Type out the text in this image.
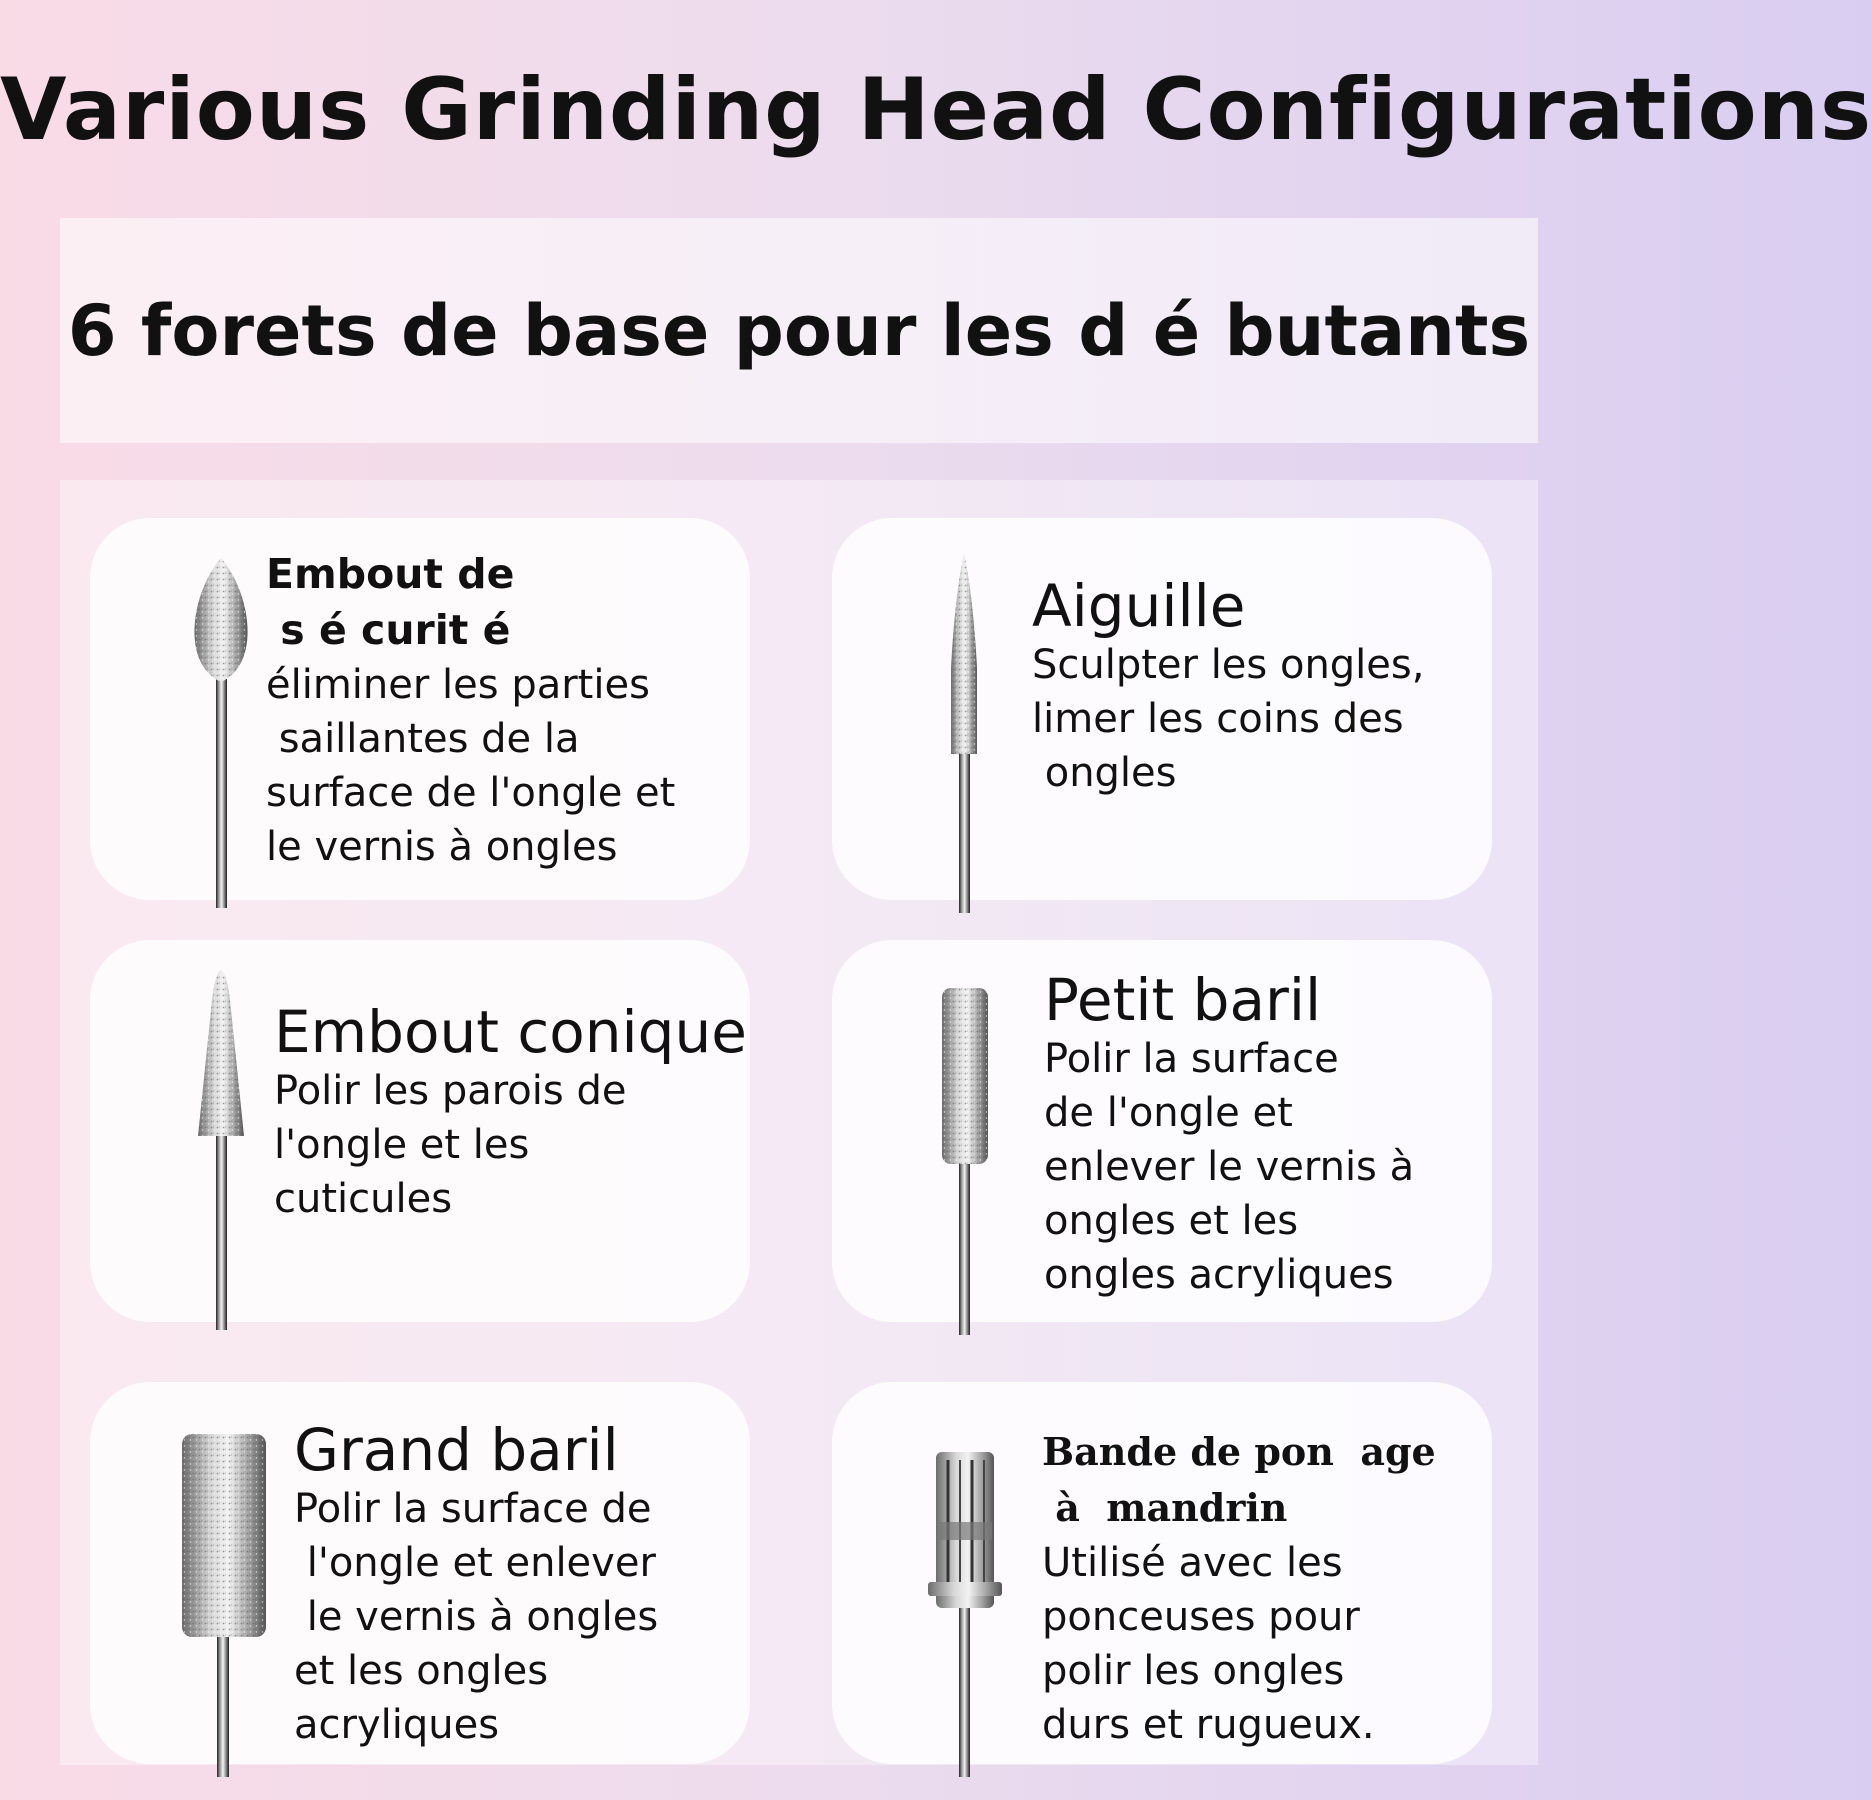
Various Grinding Head Configurations
6 forets de base pour les d é butants
Embout de
s é curit é
éliminer les parties
saillantes de la
surface de l'ongle et
le vernis à ongles
Aiguille
Sculpter les ongles,
limer les coins des
ongles
Embout conique
Polir les parois de
l'ongle et les
cuticules
Petit baril
Polir la surface
de l'ongle et
enlever le vernis à
ongles et les
ongles acryliques
Grand baril
Polir la surface de
l'ongle et enlever
le vernis à ongles
et les ongles
acryliques
Bande de pon  age
à  mandrin
Utilisé avec les
ponceuses pour
polir les ongles
durs et rugueux.
